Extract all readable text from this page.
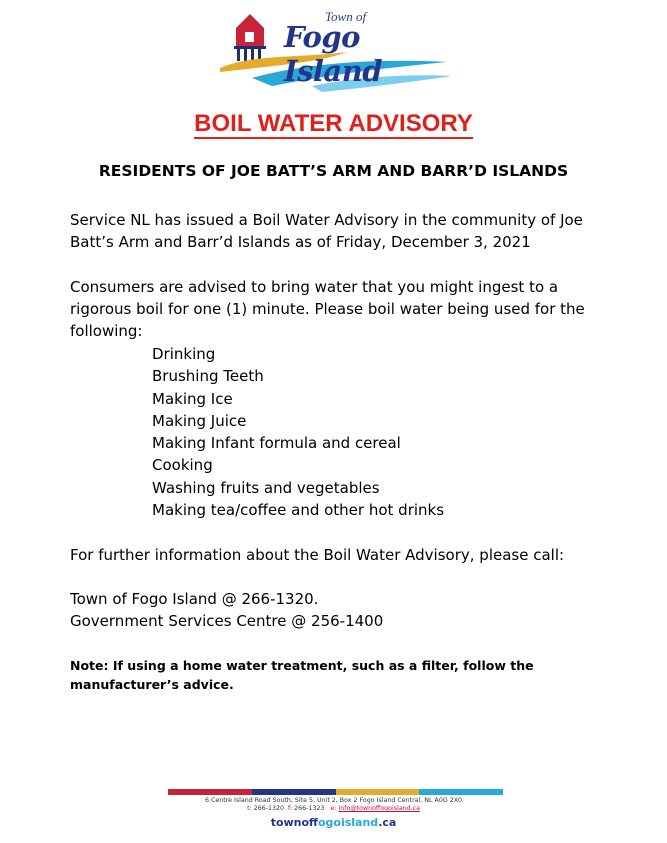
Town of
Fogo Island
BOIL WATER ADVISORY
RESIDENTS OF JOE BATT’S ARM AND BARR’D ISLANDS
Service NL has issued a Boil Water Advisory in the community of Joe Batt’s Arm and Barr’d Islands as of Friday, December 3, 2021
Consumers are advised to bring water that you might ingest to a rigorous boil for one (1) minute. Please boil water being used for the following:
Drinking
Brushing Teeth
Making Ice
Making Juice
Making Infant formula and cereal
Cooking
Washing fruits and vegetables
Making tea/coffee and other hot drinks
For further information about the Boil Water Advisory, please call:
Town of Fogo Island @ 266-1320.
Government Services Centre @ 256-1400
Note: If using a home water treatment, such as a filter, follow the manufacturer’s advice.
6 Centre Island Road South, Site 5, Unit 2, Box 2 Fogo Island Central, NL A0G 2X0
t: 266-1320 f: 266-1323 e: info@townoffogoisland.ca
townoffogoisland.ca
